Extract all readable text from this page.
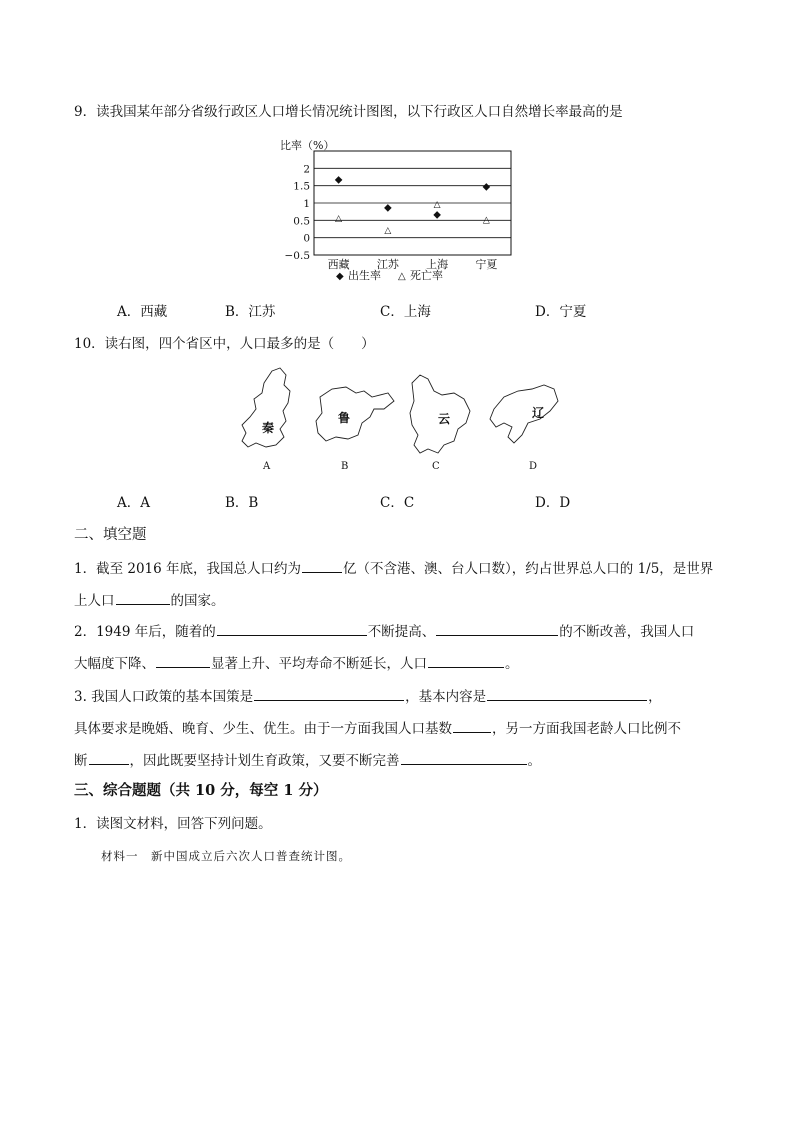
9．读我国某年部分省级行政区人口增长情况统计图图，以下行政区人口自然增长率最高的是
比率（%）
2
1.5
1
0.5
0
−0.5
西藏 江苏 上海 宁夏
◆
◆
◆
◆
△
△
△
△
◆ 出生率 △ 死亡率
A．西藏	B．江苏	C．上海	D．宁夏
10．读右图，四个省区中，人口最多的是（　　）
秦
A
鲁
B
云
C
辽
D
A．A	B．B	C．C	D．D
二、填空题
1．截至 2016 年底，我国总人口约为	亿（不含港、澳、台人口数），约占世界总人口的 1/5，是世界
上人口	的国家。
2．1949 年后，随着的	不断提高、	的不断改善，我国人口
大幅度下降、	显著上升、平均寿命不断延长，人口	。
3. 我国人口政策的基本国策是	，基本内容是	，
具体要求是晚婚、晚育、少生、优生。由于一方面我国人口基数	，另一方面我国老龄人口比例不
断	，因此既要坚持计划生育政策，又要不断完善	。
三、综合题题（共 10 分，每空 1 分）
1．读图文材料，回答下列问题。
材料一　新中国成立后六次人口普查统计图。
